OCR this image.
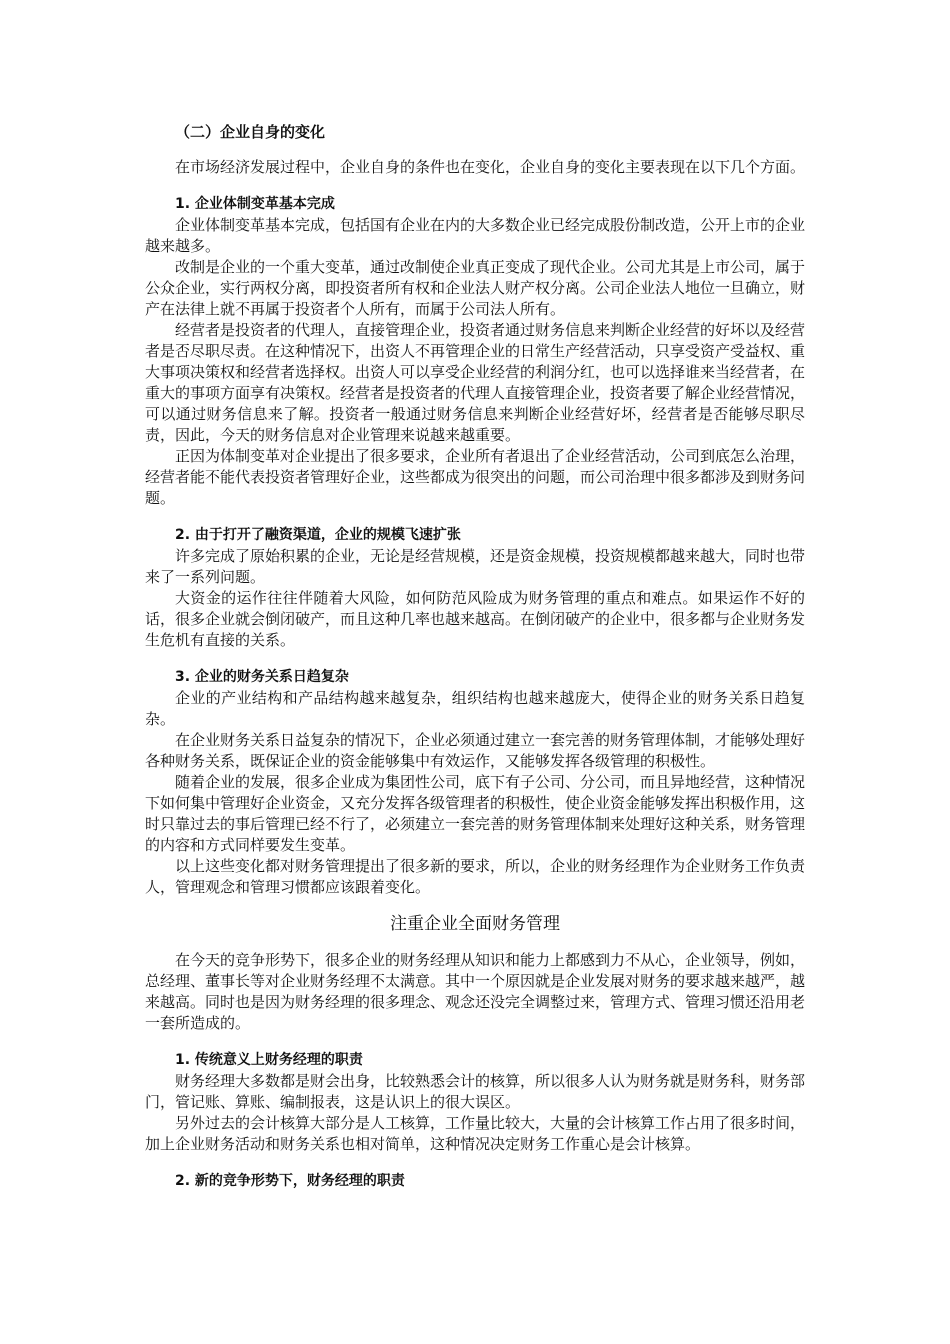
（二）企业自身的变化

在市场经济发展过程中，企业自身的条件也在变化，企业自身的变化主要表现在以下几个方面。

1. 企业体制变革基本完成

企业体制变革基本完成，包括国有企业在内的大多数企业已经完成股份制改造，公开上市的企业越来越多。

改制是企业的一个重大变革，通过改制使企业真正变成了现代企业。公司尤其是上市公司，属于公众企业，实行两权分离，即投资者所有权和企业法人财产权分离。公司企业法人地位一旦确立，财产在法律上就不再属于投资者个人所有，而属于公司法人所有。

经营者是投资者的代理人，直接管理企业，投资者通过财务信息来判断企业经营的好坏以及经营者是否尽职尽责。在这种情况下，出资人不再管理企业的日常生产经营活动，只享受资产受益权、重大事项决策权和经营者选择权。出资人可以享受企业经营的利润分红，也可以选择谁来当经营者，在重大的事项方面享有决策权。经营者是投资者的代理人直接管理企业，投资者要了解企业经营情况，可以通过财务信息来了解。投资者一般通过财务信息来判断企业经营好坏，经营者是否能够尽职尽责，因此，今天的财务信息对企业管理来说越来越重要。

正因为体制变革对企业提出了很多要求，企业所有者退出了企业经营活动，公司到底怎么治理，经营者能不能代表投资者管理好企业，这些都成为很突出的问题，而公司治理中很多都涉及到财务问题。

2. 由于打开了融资渠道，企业的规模飞速扩张

许多完成了原始积累的企业，无论是经营规模，还是资金规模，投资规模都越来越大，同时也带来了一系列问题。

大资金的运作往往伴随着大风险，如何防范风险成为财务管理的重点和难点。如果运作不好的话，很多企业就会倒闭破产，而且这种几率也越来越高。在倒闭破产的企业中，很多都与企业财务发生危机有直接的关系。

3. 企业的财务关系日趋复杂

企业的产业结构和产品结构越来越复杂，组织结构也越来越庞大，使得企业的财务关系日趋复杂。

在企业财务关系日益复杂的情况下，企业必须通过建立一套完善的财务管理体制，才能够处理好各种财务关系，既保证企业的资金能够集中有效运作，又能够发挥各级管理的积极性。

随着企业的发展，很多企业成为集团性公司，底下有子公司、分公司，而且异地经营，这种情况下如何集中管理好企业资金，又充分发挥各级管理者的积极性，使企业资金能够发挥出积极作用，这时只靠过去的事后管理已经不行了，必须建立一套完善的财务管理体制来处理好这种关系，财务管理的内容和方式同样要发生变革。

以上这些变化都对财务管理提出了很多新的要求，所以，企业的财务经理作为企业财务工作负责人，管理观念和管理习惯都应该跟着变化。

注重企业全面财务管理

在今天的竞争形势下，很多企业的财务经理从知识和能力上都感到力不从心，企业领导，例如，总经理、董事长等对企业财务经理不太满意。其中一个原因就是企业发展对财务的要求越来越严，越来越高。同时也是因为财务经理的很多理念、观念还没完全调整过来，管理方式、管理习惯还沿用老一套所造成的。

1. 传统意义上财务经理的职责

财务经理大多数都是财会出身，比较熟悉会计的核算，所以很多人认为财务就是财务科，财务部门，管记账、算账、编制报表，这是认识上的很大误区。

另外过去的会计核算大部分是人工核算，工作量比较大，大量的会计核算工作占用了很多时间，加上企业财务活动和财务关系也相对简单，这种情况决定财务工作重心是会计核算。

2. 新的竞争形势下，财务经理的职责
